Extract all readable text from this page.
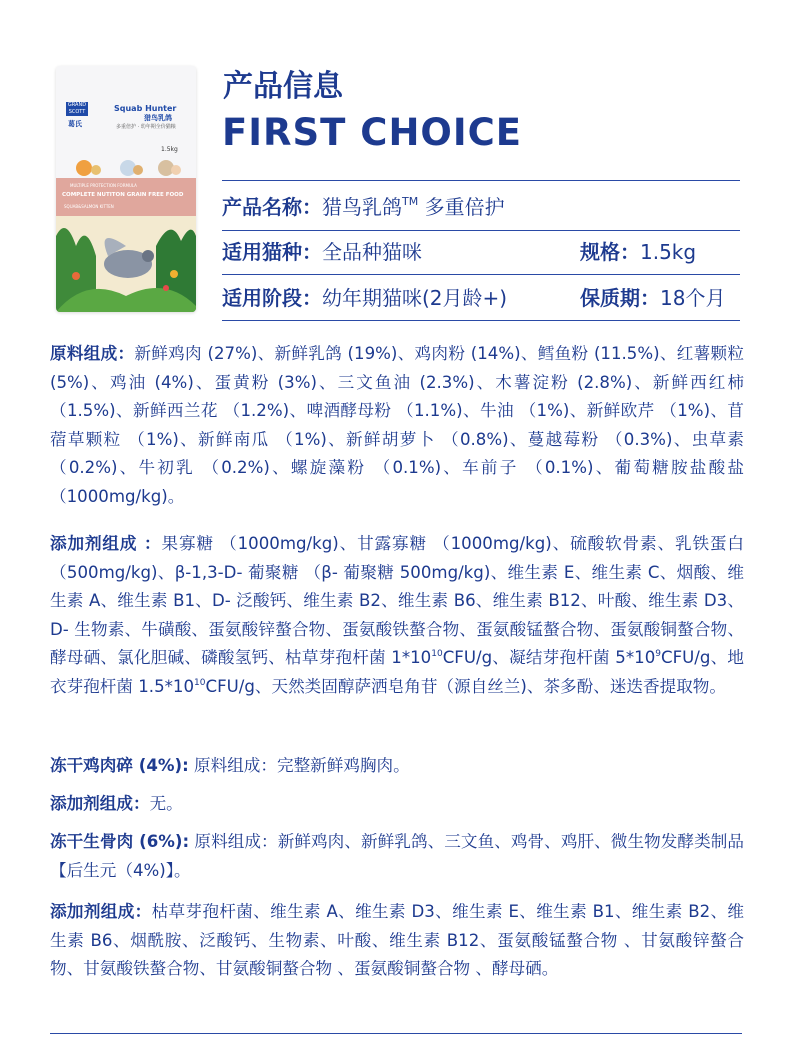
GRAND SCOTT
葛氏
Squab Hunter
猎鸟乳鸽
多重倍护 · 幼年期全价猫粮
1.5kg
MULTIPLE PROTECTION FORMULA
COMPLETE NUTITON GRAIN FREE FOOD
SQUAB&SALMON KITTEN
产品信息
FIRST CHOICE
产品名称：猎鸟乳鸽™ 多重倍护
适用猫种：全品种猫咪	规格：1.5kg
适用阶段：幼年期猫咪(2月龄+)	保质期：18个月

原料组成：新鲜鸡肉 (27%)、新鲜乳鸽 (19%)、鸡肉粉 (14%)、鳕鱼粉 (11.5%)、红薯颗粒 (5%)、鸡油 (4%)、蛋黄粉 (3%)、三文鱼油 (2.3%)、木薯淀粉 (2.8%)、新鲜西红柿 （1.5%)、新鲜西兰花 （1.2%)、啤酒酵母粉 （1.1%)、牛油 （1%)、新鲜欧芹 （1%)、苜蓿草颗粒 （1%)、新鲜南瓜 （1%)、新鲜胡萝卜 （0.8%)、蔓越莓粉 （0.3%)、虫草素 （0.2%)、牛初乳 （0.2%)、螺旋藻粉 （0.1%)、车前子 （0.1%)、葡萄糖胺盐酸盐 （1000mg/kg)。

添加剂组成 ：果寡糖 （1000mg/kg)、甘露寡糖 （1000mg/kg)、硫酸软骨素、乳铁蛋白 （500mg/kg)、β-1,3-D- 葡聚糖 （β- 葡聚糖 500mg/kg)、维生素 E、维生素 C、烟酸、维生素 A、维生素 B1、D- 泛酸钙、维生素 B2、维生素 B6、维生素 B12、叶酸、维生素 D3、D- 生物素、牛磺酸、蛋氨酸锌螯合物、蛋氨酸铁螯合物、蛋氨酸锰螯合物、蛋氨酸铜螯合物、酵母硒、氯化胆碱、磷酸氢钙、枯草芽孢杆菌 $1*10^{10}CFU/g$、凝结芽孢杆菌 $5*10^9CFU/g$、地衣芽孢杆菌 $1.5*10^{10}CFU/g$、天然类固醇萨洒皂角苷（源自丝兰)、茶多酚、迷迭香提取物。

冻干鸡肉碎 (4%): 原料组成：完整新鲜鸡胸肉。

添加剂组成：无。

冻干生骨肉 (6%): 原料组成：新鲜鸡肉、新鲜乳鸽、三文鱼、鸡骨、鸡肝、微生物发酵类制品【后生元（4%)】。

添加剂组成：枯草芽孢杆菌、维生素 A、维生素 D3、维生素 E、维生素 B1、维生素 B2、维生素 B6、烟酰胺、泛酸钙、生物素、叶酸、维生素 B12、蛋氨酸锰螯合物 、甘氨酸锌螯合物、甘氨酸铁螯合物、甘氨酸铜螯合物 、蛋氨酸铜螯合物 、酵母硒。
